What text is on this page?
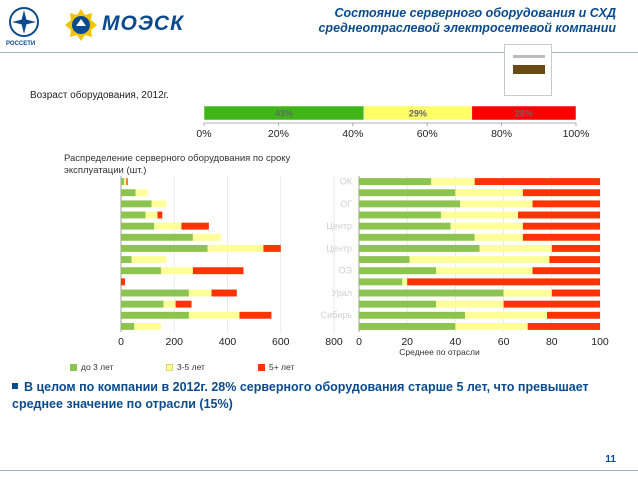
РОССЕТИ
МОЭСК	Состояние серверного оборудования и СХД
среднеотраслевой электросетевой компании
Возраст оборудования, 2012г.
Распределение серверного оборудования по сроку эксплуатации (шт.)
43%	29%	28%
0%	20%	40%	60%	80%	100%
0	200	400	600	800 0	20	40	60	80	100
Среднее по отрасли
ОК
ОГ
Центр
Центр
ОЭ
Урал
Сибирь
до 3 лет	3-5 лет	5+ лет
В целом по компании в 2012г. 28% серверного оборудования старше 5 лет, что превышает среднее значение по отрасли (15%)
11
